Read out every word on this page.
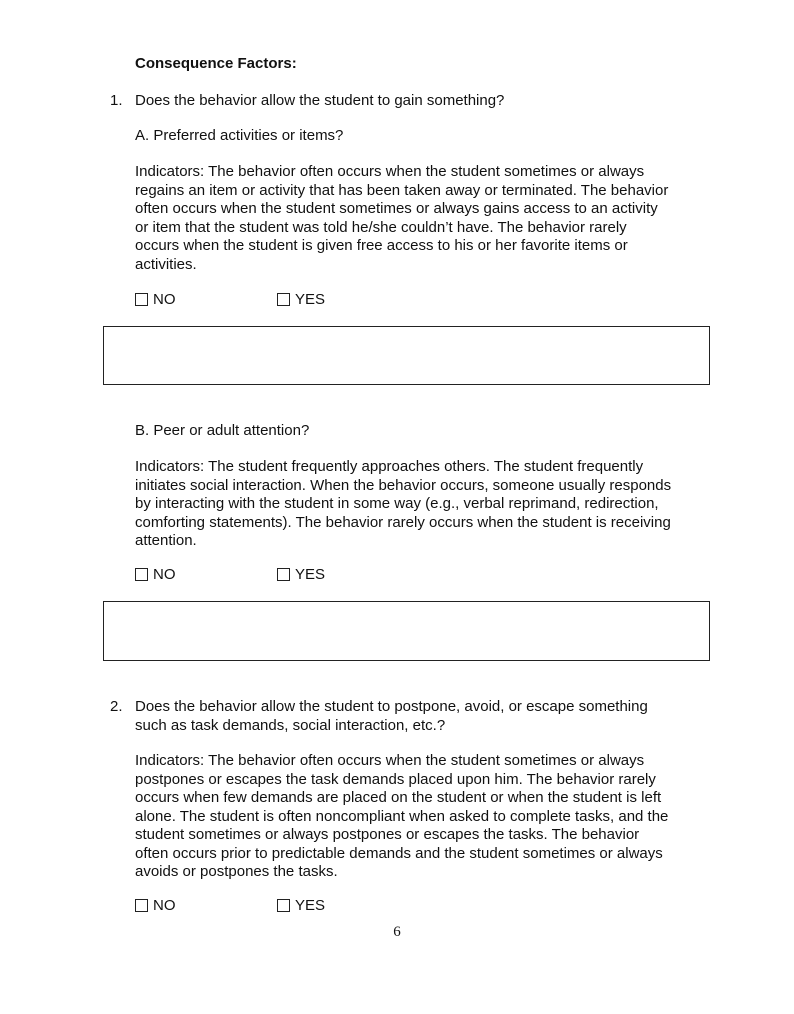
Consequence Factors:
1. Does the behavior allow the student to gain something?
A. Preferred activities or items?
Indicators: The behavior often occurs when the student sometimes or always
regains an item or activity that has been taken away or terminated. The behavior
often occurs when the student sometimes or always gains access to an activity
or item that the student was told he/she couldn’t have. The behavior rarely
occurs when the student is given free access to his or her favorite items or
activities.
NO	YES
B. Peer or adult attention?
Indicators: The student frequently approaches others. The student frequently
initiates social interaction. When the behavior occurs, someone usually responds
by interacting with the student in some way (e.g., verbal reprimand, redirection,
comforting statements). The behavior rarely occurs when the student is receiving
attention.
NO	YES
2. Does the behavior allow the student to postpone, avoid, or escape something
such as task demands, social interaction, etc.?
Indicators: The behavior often occurs when the student sometimes or always
postpones or escapes the task demands placed upon him. The behavior rarely
occurs when few demands are placed on the student or when the student is left
alone. The student is often noncompliant when asked to complete tasks, and the
student sometimes or always postpones or escapes the tasks. The behavior
often occurs prior to predictable demands and the student sometimes or always
avoids or postpones the tasks.
NO	YES
6
